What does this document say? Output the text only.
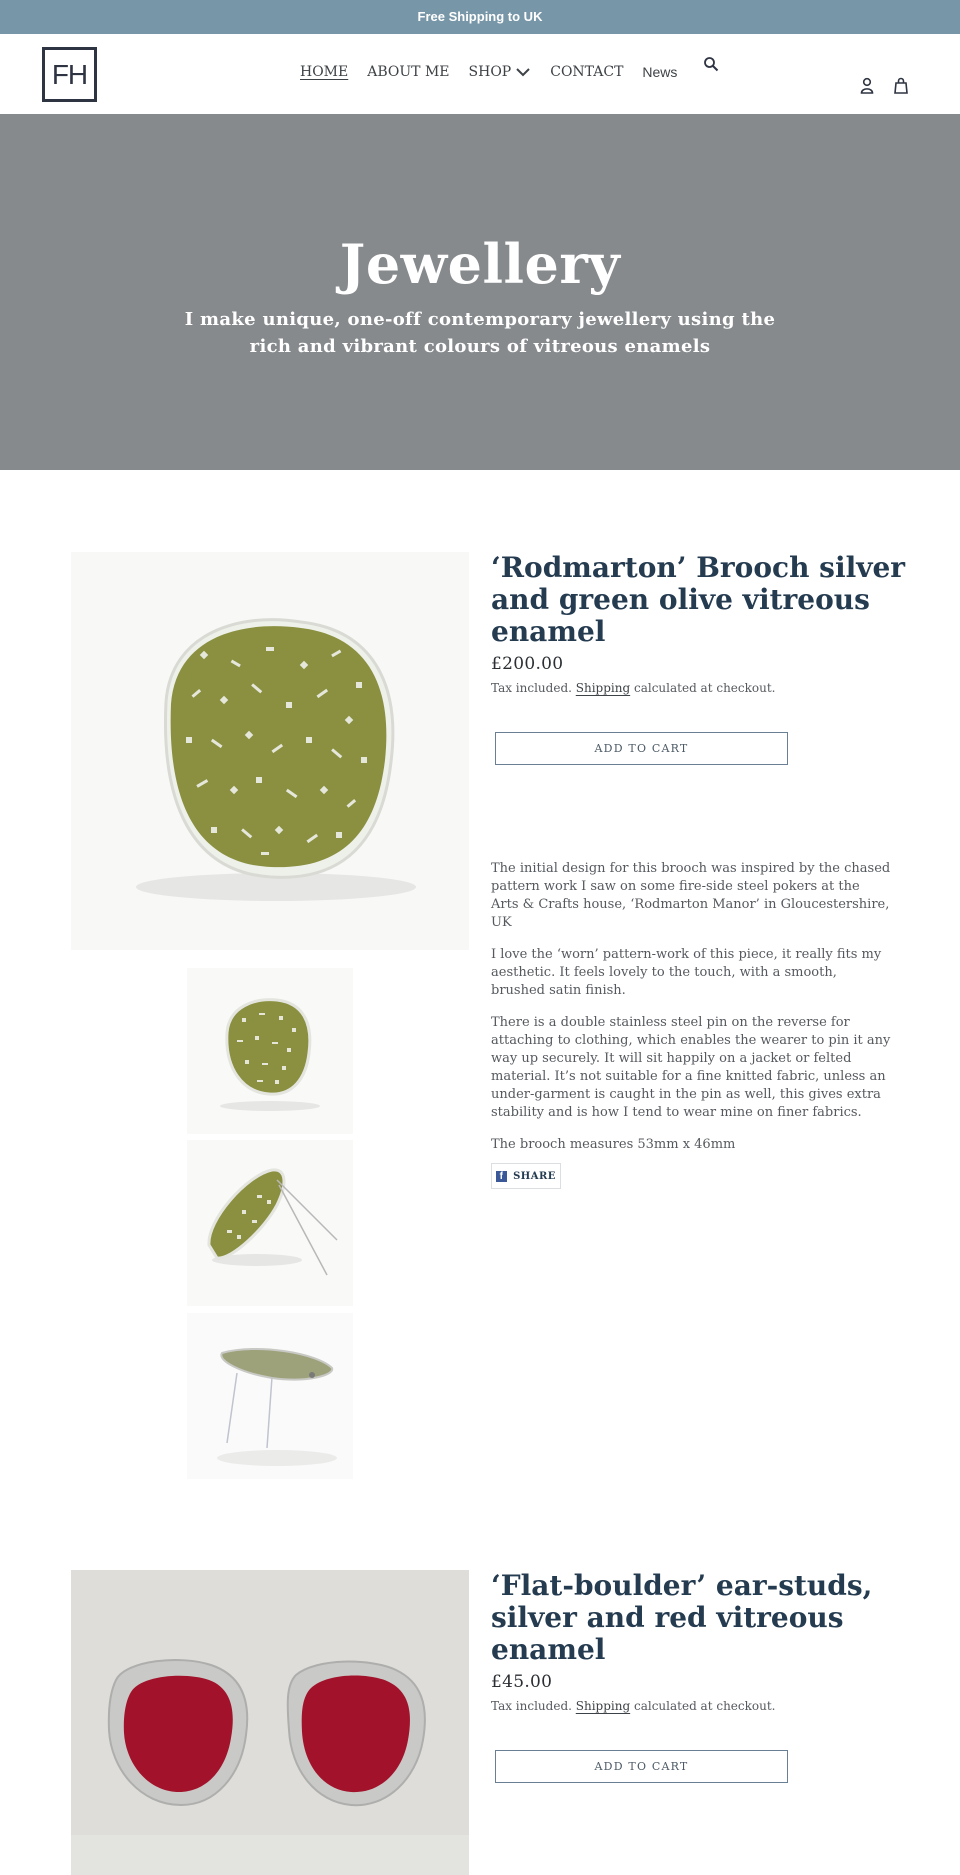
Free Shipping to UK
FH	HOME ABOUT ME SHOP	CONTACT News
Jewellery

I make unique, one-off contemporary jewellery using the rich and vibrant colours of vitreous enamels

‘Rodmarton’ Brooch silver and green olive vitreous enamel
£200.00
Tax included. Shipping calculated at checkout.
ADD TO CART

The initial design for this brooch was inspired by the chased pattern work I saw on some fire-side steel pokers at the Arts & Crafts house, ‘Rodmarton Manor’ in Gloucestershire, UK

I love the ‘worn’ pattern-work of this piece, it really fits my aesthetic. It feels lovely to the touch, with a smooth, brushed satin finish.

There is a double stainless steel pin on the reverse for attaching to clothing, which enables the wearer to pin it any way up securely. It will sit happily on a jacket or felted material. It’s not suitable for a fine knitted fabric, unless an under-garment is caught in the pin as well, this gives extra stability and is how I tend to wear mine on finer fabrics.

The brooch measures 53mm x 46mm

f SHARE
‘Flat-boulder’ ear-studs, silver and red vitreous enamel
£45.00
Tax included. Shipping calculated at checkout.
ADD TO CART
